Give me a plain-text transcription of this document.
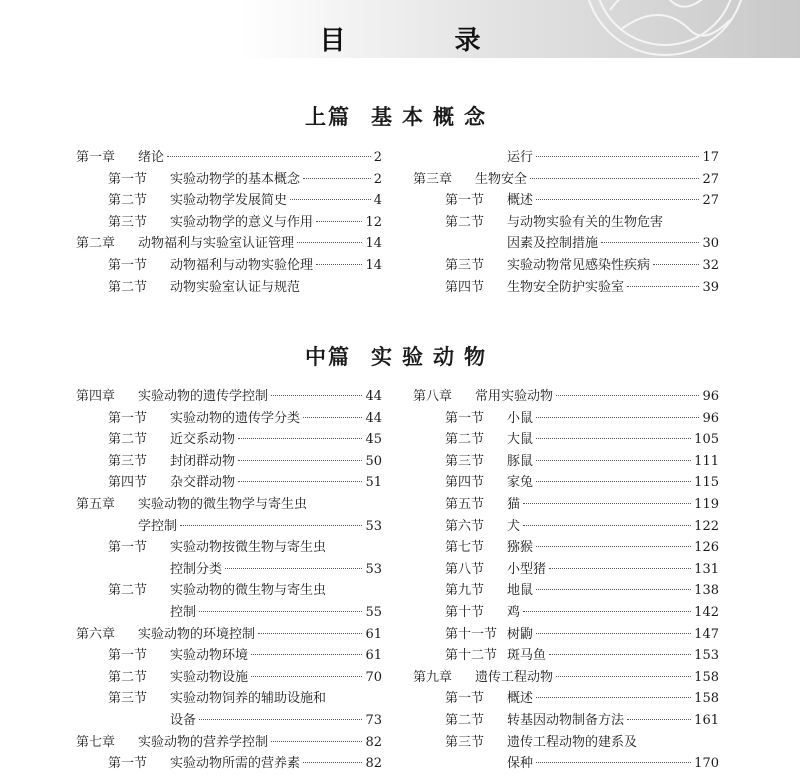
目 录
上篇 基本概念
中篇 实验动物
第一章	绪论	2
第一节	实验动物学的基本概念	2
第二节	实验动物学发展简史	4
第三节	实验动物学的意义与作用	12
第二章	动物福利与实验室认证管理	14
第一节	动物福利与动物实验伦理	14
第二节	动物实验室认证与规范
运行	17
第三章	生物安全	27
第一节	概述	27
第二节	与动物实验有关的生物危害
因素及控制措施	30
第三节	实验动物常见感染性疾病	32
第四节	生物安全防护实验室	39
第四章	实验动物的遗传学控制	44
第一节	实验动物的遗传学分类	44
第二节	近交系动物	45
第三节	封闭群动物	50
第四节	杂交群动物	51
第五章	实验动物的微生物学与寄生虫
学控制	53
第一节	实验动物按微生物与寄生虫
控制分类	53
第二节	实验动物的微生物与寄生虫
控制	55
第六章	实验动物的环境控制	61
第一节	实验动物环境	61
第二节	实验动物设施	70
第三节	实验动物饲养的辅助设施和
设备	73
第七章	实验动物的营养学控制	82
第一节	实验动物所需的营养素	82
第八章	常用实验动物	96
第一节	小鼠	96
第二节	大鼠	105
第三节	豚鼠	111
第四节	家兔	115
第五节	猫	119
第六节	犬	122
第七节	猕猴	126
第八节	小型猪	131
第九节	地鼠	138
第十节	鸡	142
第十一节 树鼩	147
第十二节 斑马鱼	153
第九章	遗传工程动物	158
第一节	概述	158
第二节	转基因动物制备方法	161
第三节	遗传工程动物的建系及
保种	170
